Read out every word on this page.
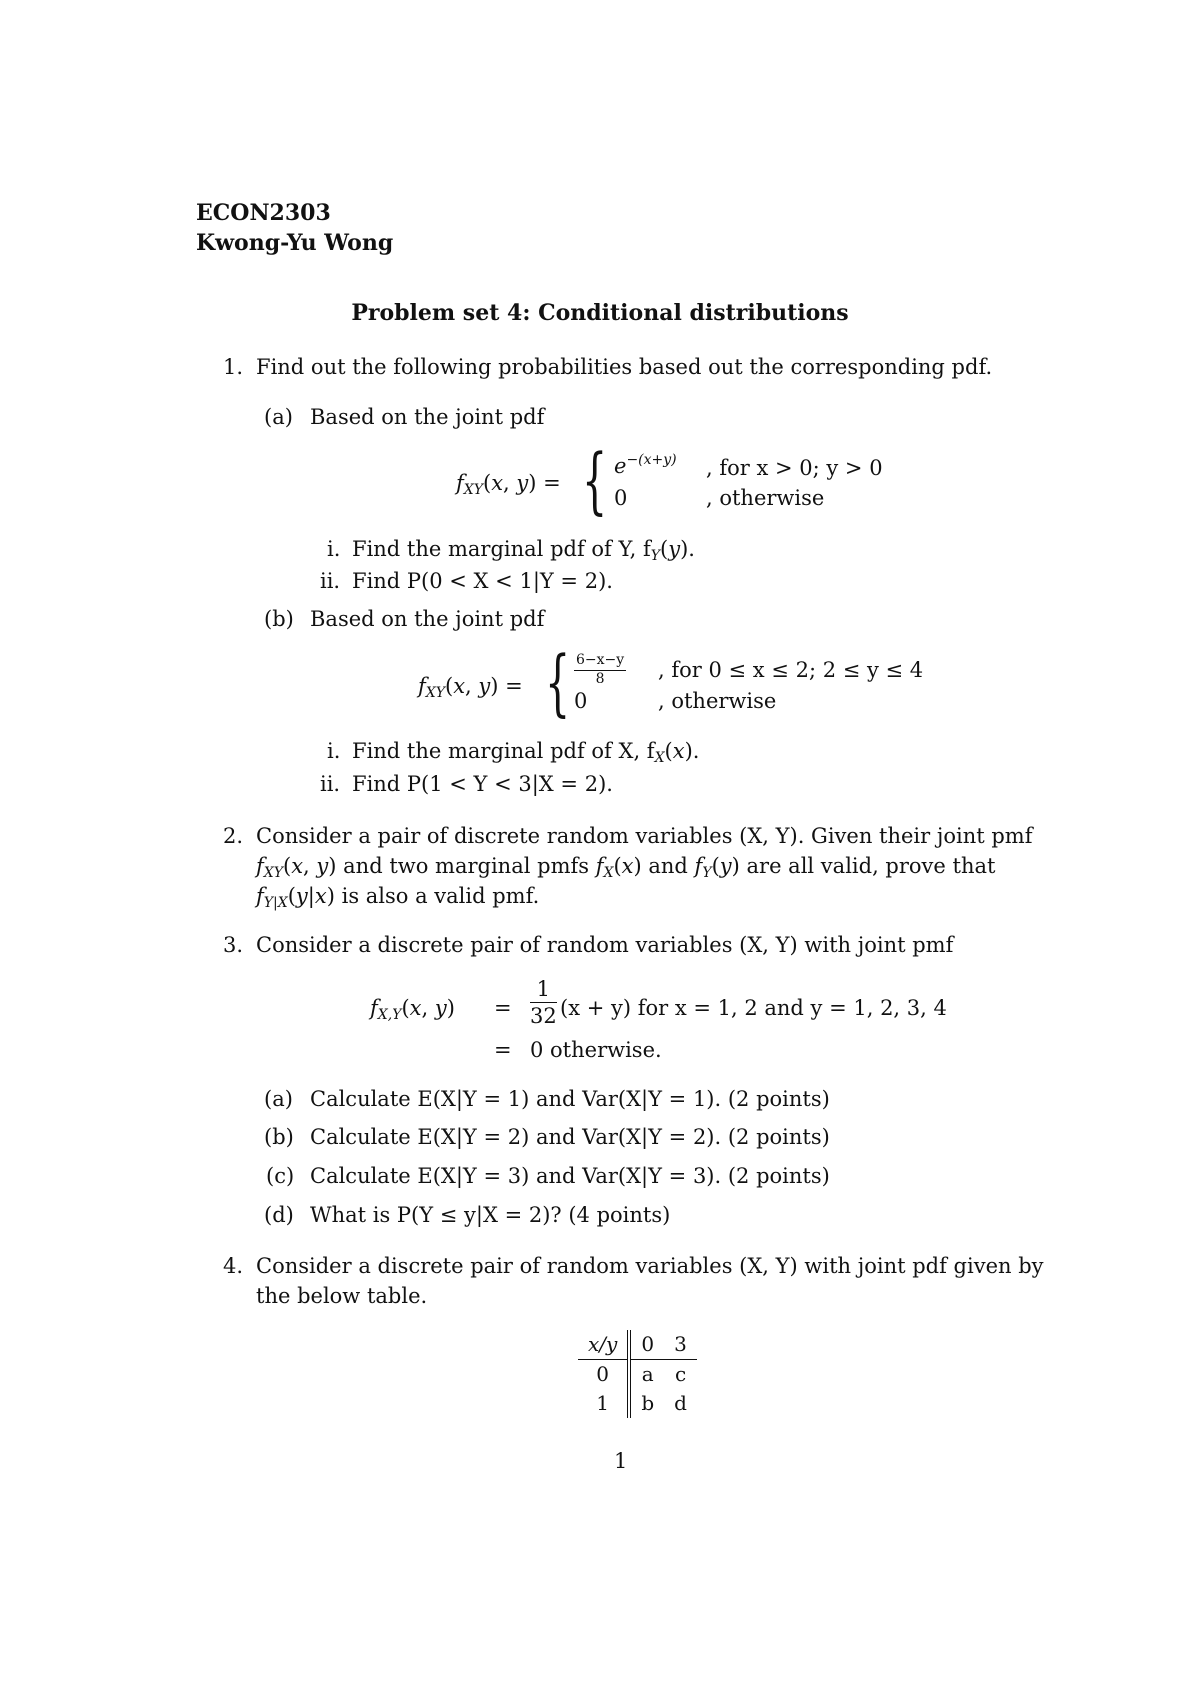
ECON2303
Kwong-Yu Wong
Problem set 4: Conditional distributions
1. Find out the following probabilities based out the corresponding pdf.
(a) Based on the joint pdf
$f_{XY}(x$, y) = { $e^{-(x+y)}$ , for x > 0; y > 0
0	, otherwise
i. Find the marginal pdf of Y, $f_Y(y)$.
ii. Find P(0 < X < 1|Y = 2).
(b) Based on the joint pdf
$f_{XY}(x$, y) = { $\frac{6-x-y}{8}$ , for 0 ≤ x ≤ 2; 2 ≤ y ≤ 4
0	, otherwise
i. Find the marginal pdf of X, $f_X(x)$.
ii. Find P(1 < Y < 3|X = 2).
2. Consider a pair of discrete random variables (X, Y). Given their joint pmf
$f_{XY}(x$, y) and two marginal pmfs $f_X(x)$ and $f_Y(y)$ are all valid, prove that
$f_{Y|X}(y|x)$ is also a valid pmf.
3. Consider a discrete pair of random variables (X, Y) with joint pmf
$f_{X,Y}(x$, $y) = \frac{1}{32} (x + y)$ for x = 1, 2 and y = 1, 2, 3, 4
= 0 otherwise.
(a) Calculate E(X|Y = 1) and Var(X|Y = 1). (2 points)
(b) Calculate E(X|Y = 2) and Var(X|Y = 2). (2 points)
(c) Calculate E(X|Y = 3) and Var(X|Y = 3). (2 points)
(d) What is P(Y ≤ y|X = 2)? (4 points)
4. Consider a discrete pair of random variables (X, Y) with joint pdf given by
the below table.
x/y	0	3
0	a	c
1	b	d
1
